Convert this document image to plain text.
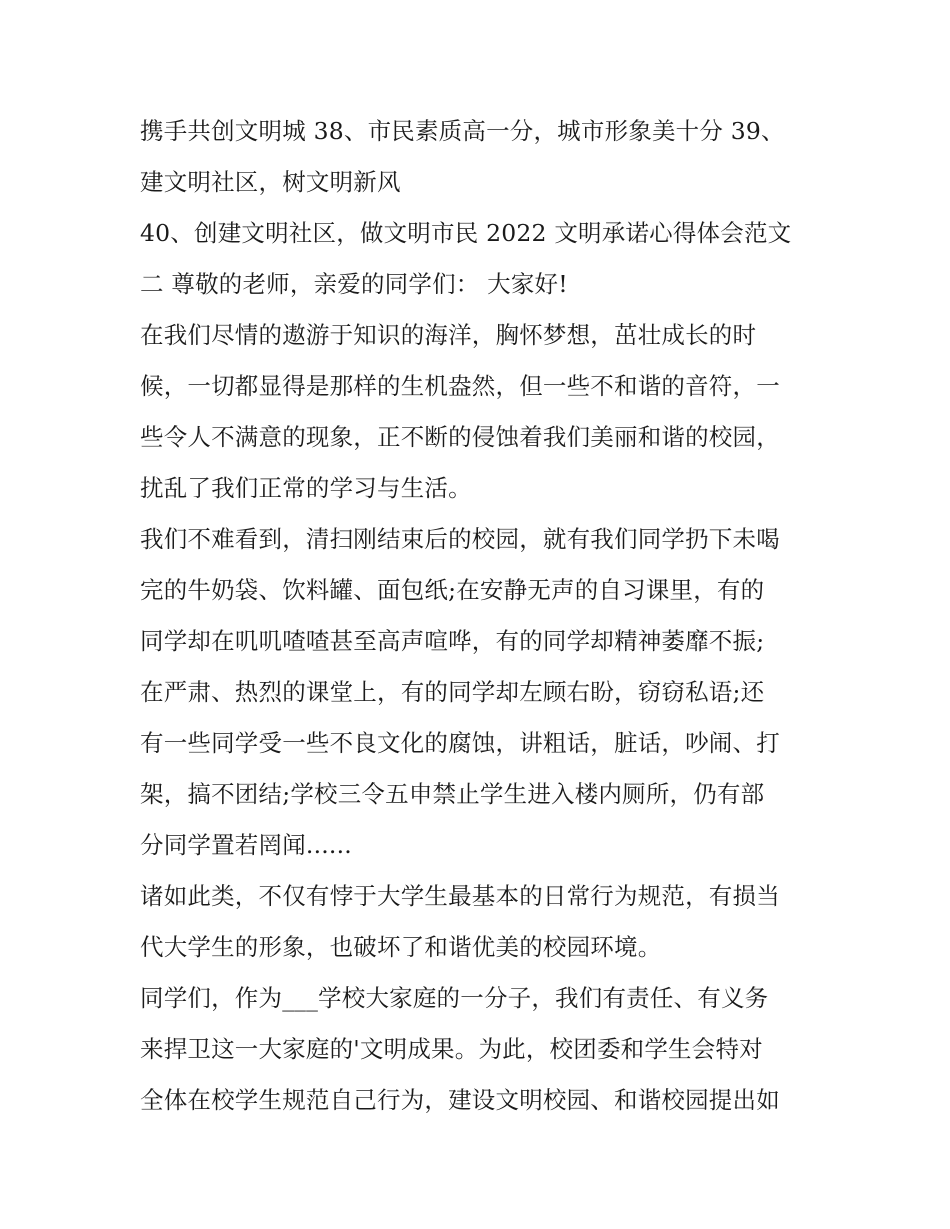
携手共创文明城 38、市民素质高一分，城市形象美十分 39、
建文明社区，树文明新风
40、创建文明社区，做文明市民 2022 文明承诺心得体会范文
二 尊敬的老师，亲爱的同学们： 大家好!
在我们尽情的遨游于知识的海洋，胸怀梦想，茁壮成长的时
候，一切都显得是那样的生机盎然，但一些不和谐的音符，一
些令人不满意的现象，正不断的侵蚀着我们美丽和谐的校园，
扰乱了我们正常的学习与生活。
我们不难看到，清扫刚结束后的校园，就有我们同学扔下未喝
完的牛奶袋、饮料罐、面包纸;在安静无声的自习课里，有的
同学却在叽叽喳喳甚至高声喧哗，有的同学却精神萎靡不振;
在严肃、热烈的课堂上，有的同学却左顾右盼，窃窃私语;还
有一些同学受一些不良文化的腐蚀，讲粗话，脏话，吵闹、打
架，搞不团结;学校三令五申禁止学生进入楼内厕所，仍有部
分同学置若罔闻......
诸如此类，不仅有悖于大学生最基本的日常行为规范，有损当
代大学生的形象，也破坏了和谐优美的校园环境。
同学们，作为___学校大家庭的一分子，我们有责任、有义务
来捍卫这一大家庭的'文明成果。为此，校团委和学生会特对
全体在校学生规范自己行为，建设文明校园、和谐校园提出如
